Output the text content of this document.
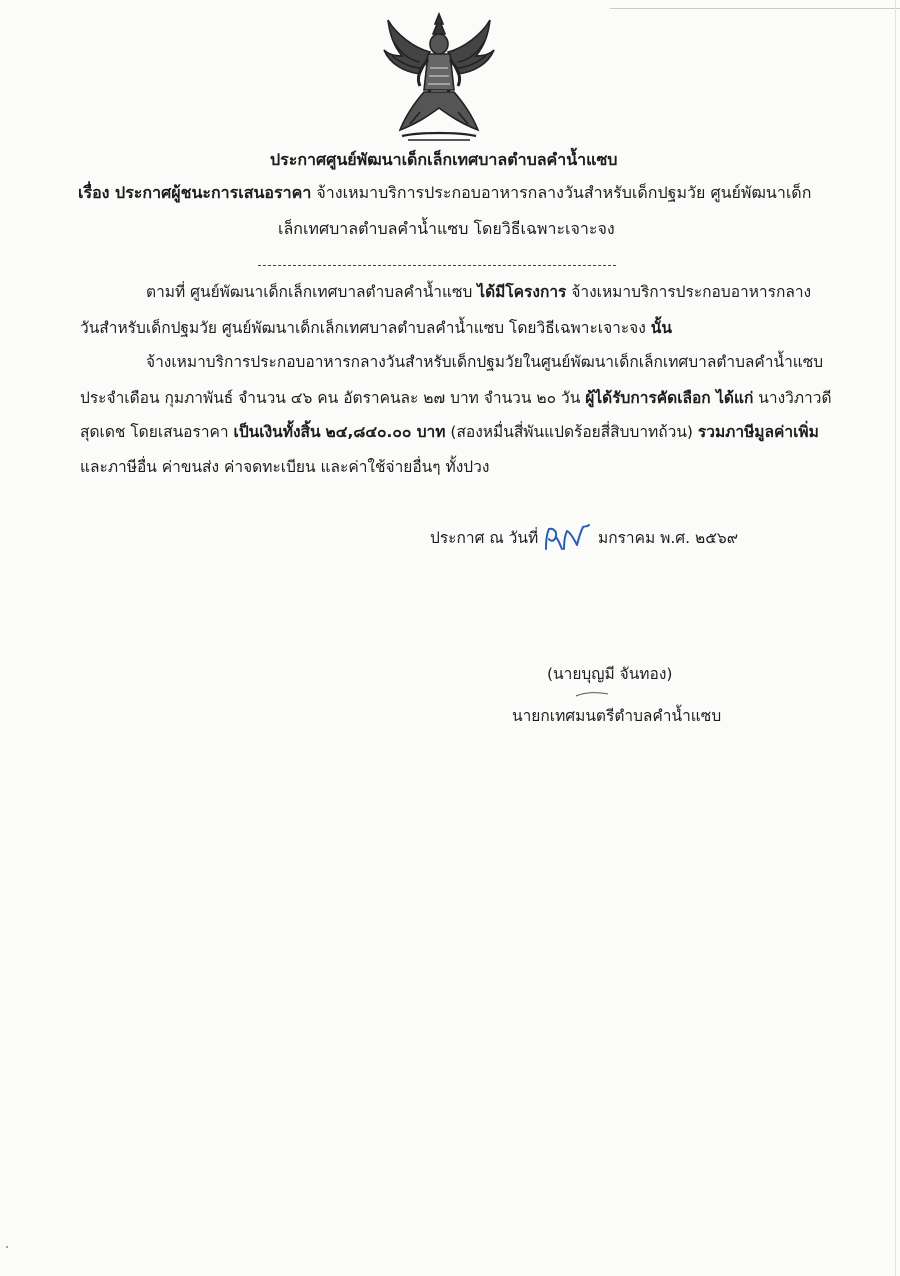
ประกาศศูนย์พัฒนาเด็กเล็กเทศบาลตำบลคำน้ำแซบ
เรื่อง ประกาศผู้ชนะการเสนอราคา จ้างเหมาบริการประกอบอาหารกลางวันสำหรับเด็กปฐมวัย ศูนย์พัฒนาเด็ก
เล็กเทศบาลตำบลคำน้ำแซบ โดยวิธีเฉพาะเจาะจง
ตามที่ ศูนย์พัฒนาเด็กเล็กเทศบาลตำบลคำน้ำแซบ ได้มีโครงการ จ้างเหมาบริการประกอบอาหารกลาง
วันสำหรับเด็กปฐมวัย ศูนย์พัฒนาเด็กเล็กเทศบาลตำบลคำน้ำแซบ โดยวิธีเฉพาะเจาะจง นั้น
จ้างเหมาบริการประกอบอาหารกลางวันสำหรับเด็กปฐมวัยในศูนย์พัฒนาเด็กเล็กเทศบาลตำบลคำน้ำแซบ
ประจำเดือน กุมภาพันธ์ จำนวน ๔๖ คน อัตราคนละ ๒๗ บาท จำนวน ๒๐ วัน ผู้ได้รับการคัดเลือก ได้แก่ นางวิภาวดี
สุดเดช โดยเสนอราคา เป็นเงินทั้งสิ้น ๒๔,๘๔๐.๐๐ บาท (สองหมื่นสี่พันแปดร้อยสี่สิบบาทถ้วน) รวมภาษีมูลค่าเพิ่ม
และภาษีอื่น ค่าขนส่ง ค่าจดทะเบียน และค่าใช้จ่ายอื่นๆ ทั้งปวง
ประกาศ ณ วันที่	มกราคม พ.ศ. ๒๕๖๙
(นายบุญมี จันทอง)
นายกเทศมนตรีตำบลคำน้ำแซบ
